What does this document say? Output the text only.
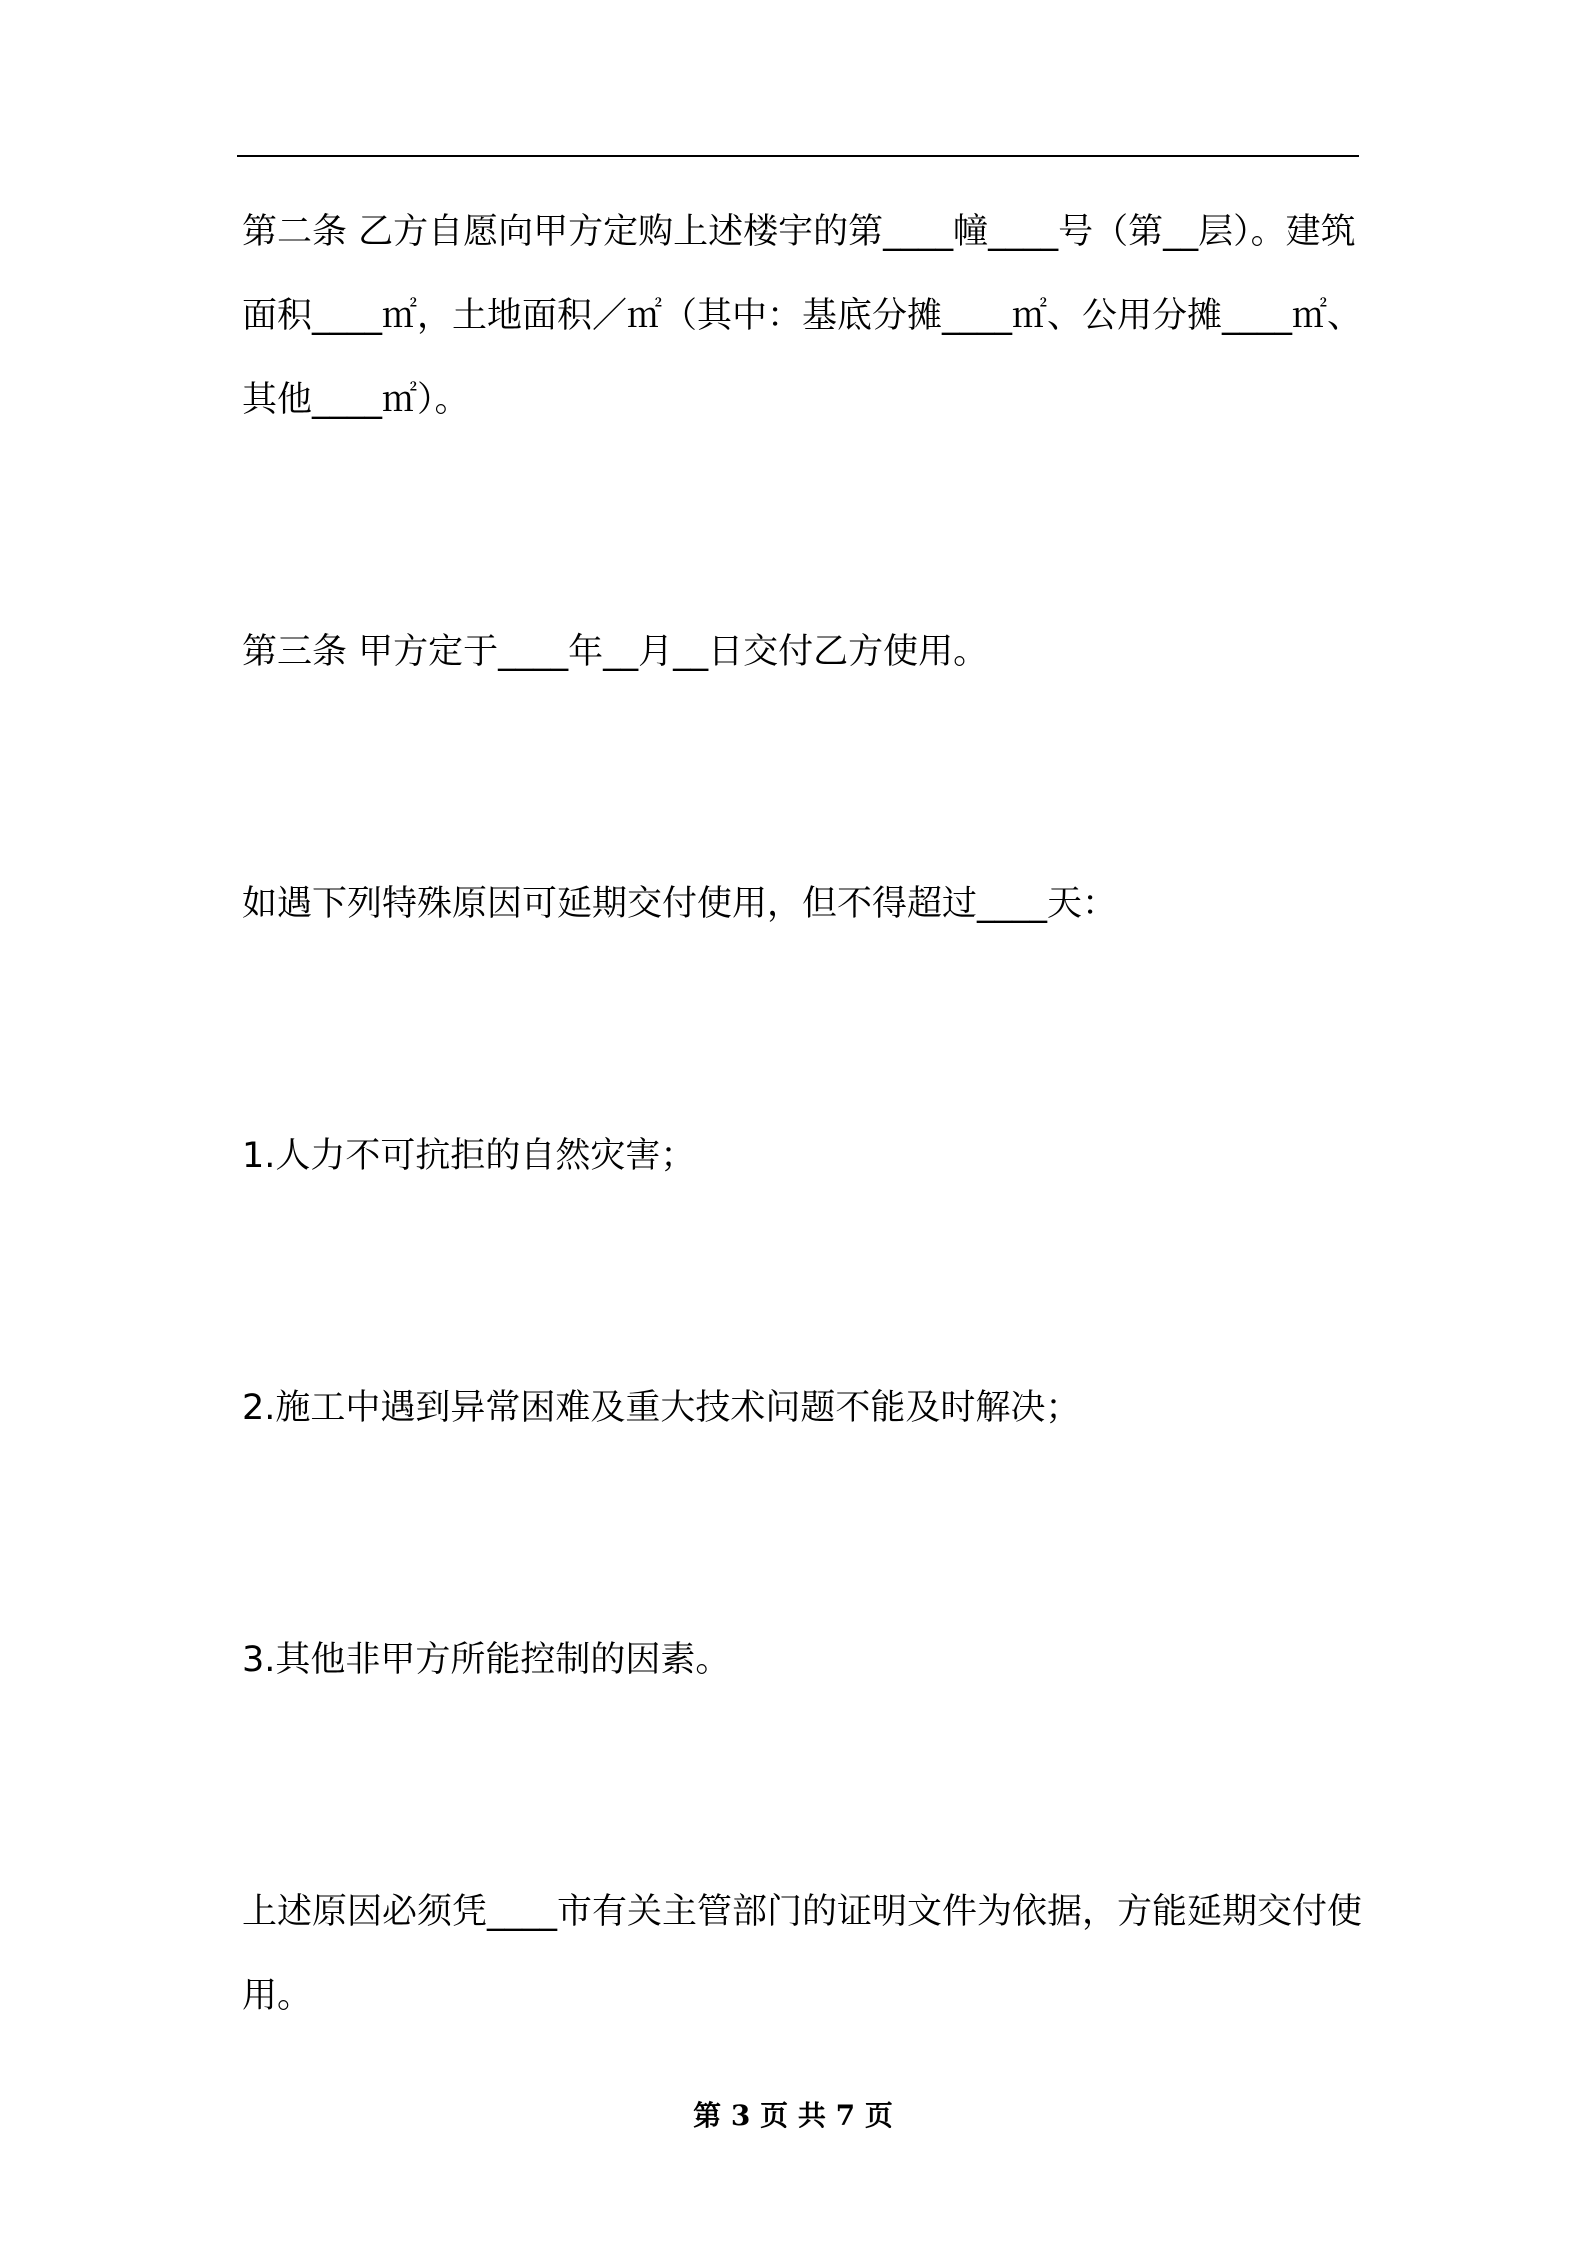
第二条 乙方自愿向甲方定购上述楼宇的第____幢____号（第__层）。建筑面积____㎡，土地面积／㎡（其中：基底分摊____㎡、公用分摊____㎡、其他____㎡）。

第三条 甲方定于____年__月__日交付乙方使用。

如遇下列特殊原因可延期交付使用，但不得超过____天：

1.人力不可抗拒的自然灾害；

2.施工中遇到异常困难及重大技术问题不能及时解决；

3.其他非甲方所能控制的因素。

上述原因必须凭____市有关主管部门的证明文件为依据，方能延期交付使用。

第 3 页 共 7 页
